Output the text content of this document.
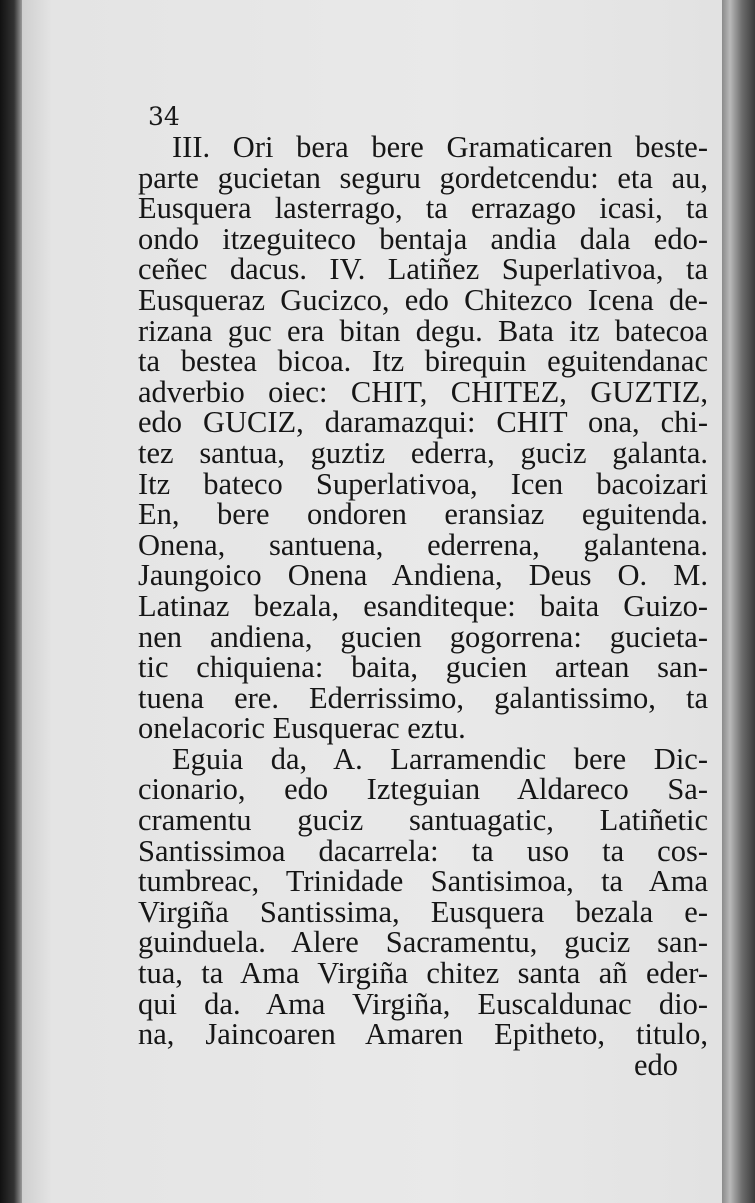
34
III. Ori bera bere Gramaticaren beste-
parte gucietan seguru gordetcendu: eta au,
Eusquera lasterrago, ta errazago icasi, ta
ondo itzeguiteco bentaja andia dala edo-
ceñec dacus. IV. Latiñez Superlativoa, ta
Eusqueraz Gucizco, edo Chitezco Icena de-
rizana guc era bitan degu. Bata itz batecoa
ta bestea bicoa. Itz birequin eguitendanac
adverbio oiec: CHIT, CHITEZ, GUZTIZ,
edo GUCIZ, daramazqui: CHIT ona, chi-
tez santua, guztiz ederra, guciz galanta.
Itz bateco Superlativoa, Icen bacoizari
En, bere ondoren eransiaz eguitenda.
Onena, santuena, ederrena, galantena.
Jaungoico Onena Andiena, Deus O. M.
Latinaz bezala, esanditeque: baita Guizo-
nen andiena, gucien gogorrena: gucieta-
tic chiquiena: baita, gucien artean san-
tuena ere. Ederrissimo, galantissimo, ta
onelacoric Eusquerac eztu.
Eguia da, A. Larramendic bere Dic-
cionario, edo Izteguian Aldareco Sa-
cramentu guciz santuagatic, Latiñetic
Santissimoa dacarrela: ta uso ta cos-
tumbreac, Trinidade Santisimoa, ta Ama
Virgiña Santissima, Eusquera bezala e-
guinduela. Alere Sacramentu, guciz san-
tua, ta Ama Virgiña chitez santa añ eder-
qui da. Ama Virgiña, Euscaldunac dio-
na, Jaincoaren Amaren Epitheto, titulo,
edo
